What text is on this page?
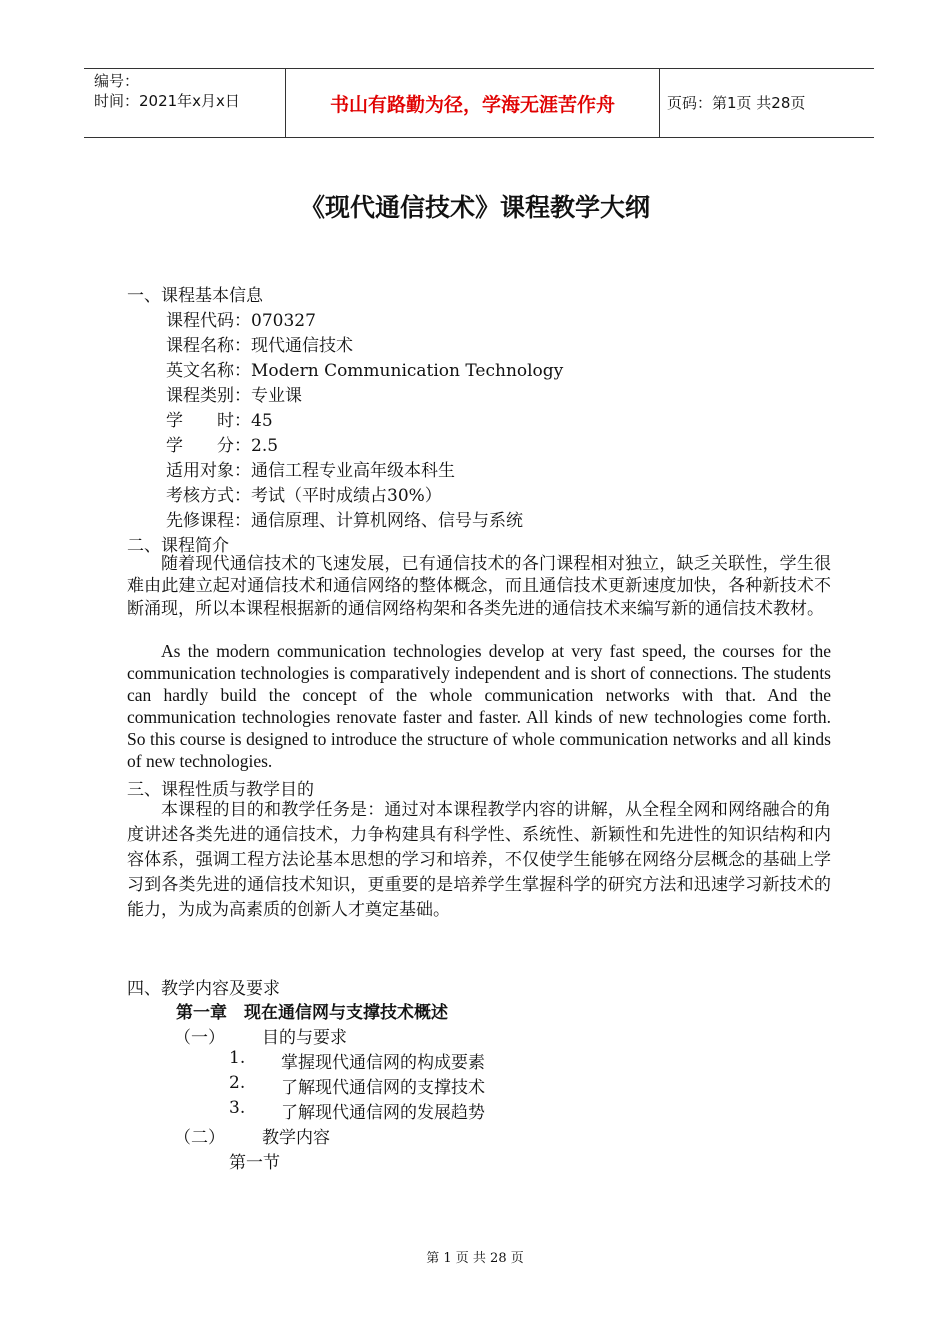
编号：
时间：2021年x月x日	书山有路勤为径，学海无涯苦作舟	页码：第1页 共28页
《现代通信技术》课程教学大纲
一、课程基本信息
课程代码：070327
课程名称：现代通信技术
英文名称：Modern Communication Technology
课程类别：专业课
学　　时：45
学　　分：2.5
适用对象：通信工程专业高年级本科生
考核方式：考试（平时成绩占30%）
先修课程：通信原理、计算机网络、信号与系统
二、课程简介

随着现代通信技术的飞速发展，已有通信技术的各门课程相对独立，缺乏关联性，学生很难由此建立起对通信技术和通信网络的整体概念，而且通信技术更新速度加快，各种新技术不断涌现，所以本课程根据新的通信网络构架和各类先进的通信技术来编写新的通信技术教材。

As the modern communication technologies develop at very fast speed, the courses for the communication technologies is comparatively independent and is short of connections. The students can hardly build the concept of the whole communication networks with that. And the communication technologies renovate faster and faster. All kinds of new technologies come forth. So this course is designed to introduce the structure of whole communication networks and all kinds of new technologies.

三、课程性质与教学目的

本课程的目的和教学任务是：通过对本课程教学内容的讲解，从全程全网和网络融合的角度讲述各类先进的通信技术，力争构建具有科学性、系统性、新颖性和先进性的知识结构和内容体系，强调工程方法论基本思想的学习和培养，不仅使学生能够在网络分层概念的基础上学习到各类先进的通信技术知识，更重要的是培养学生掌握科学的研究方法和迅速学习新技术的能力，为成为高素质的创新人才奠定基础。

四、教学内容及要求
第一章　现在通信网与支撑技术概述
（一） 目的与要求
1. 掌握现代通信网的构成要素
2. 了解现代通信网的支撑技术
3. 了解现代通信网的发展趋势
（二） 教学内容
第一节
第 1 页 共 28 页
